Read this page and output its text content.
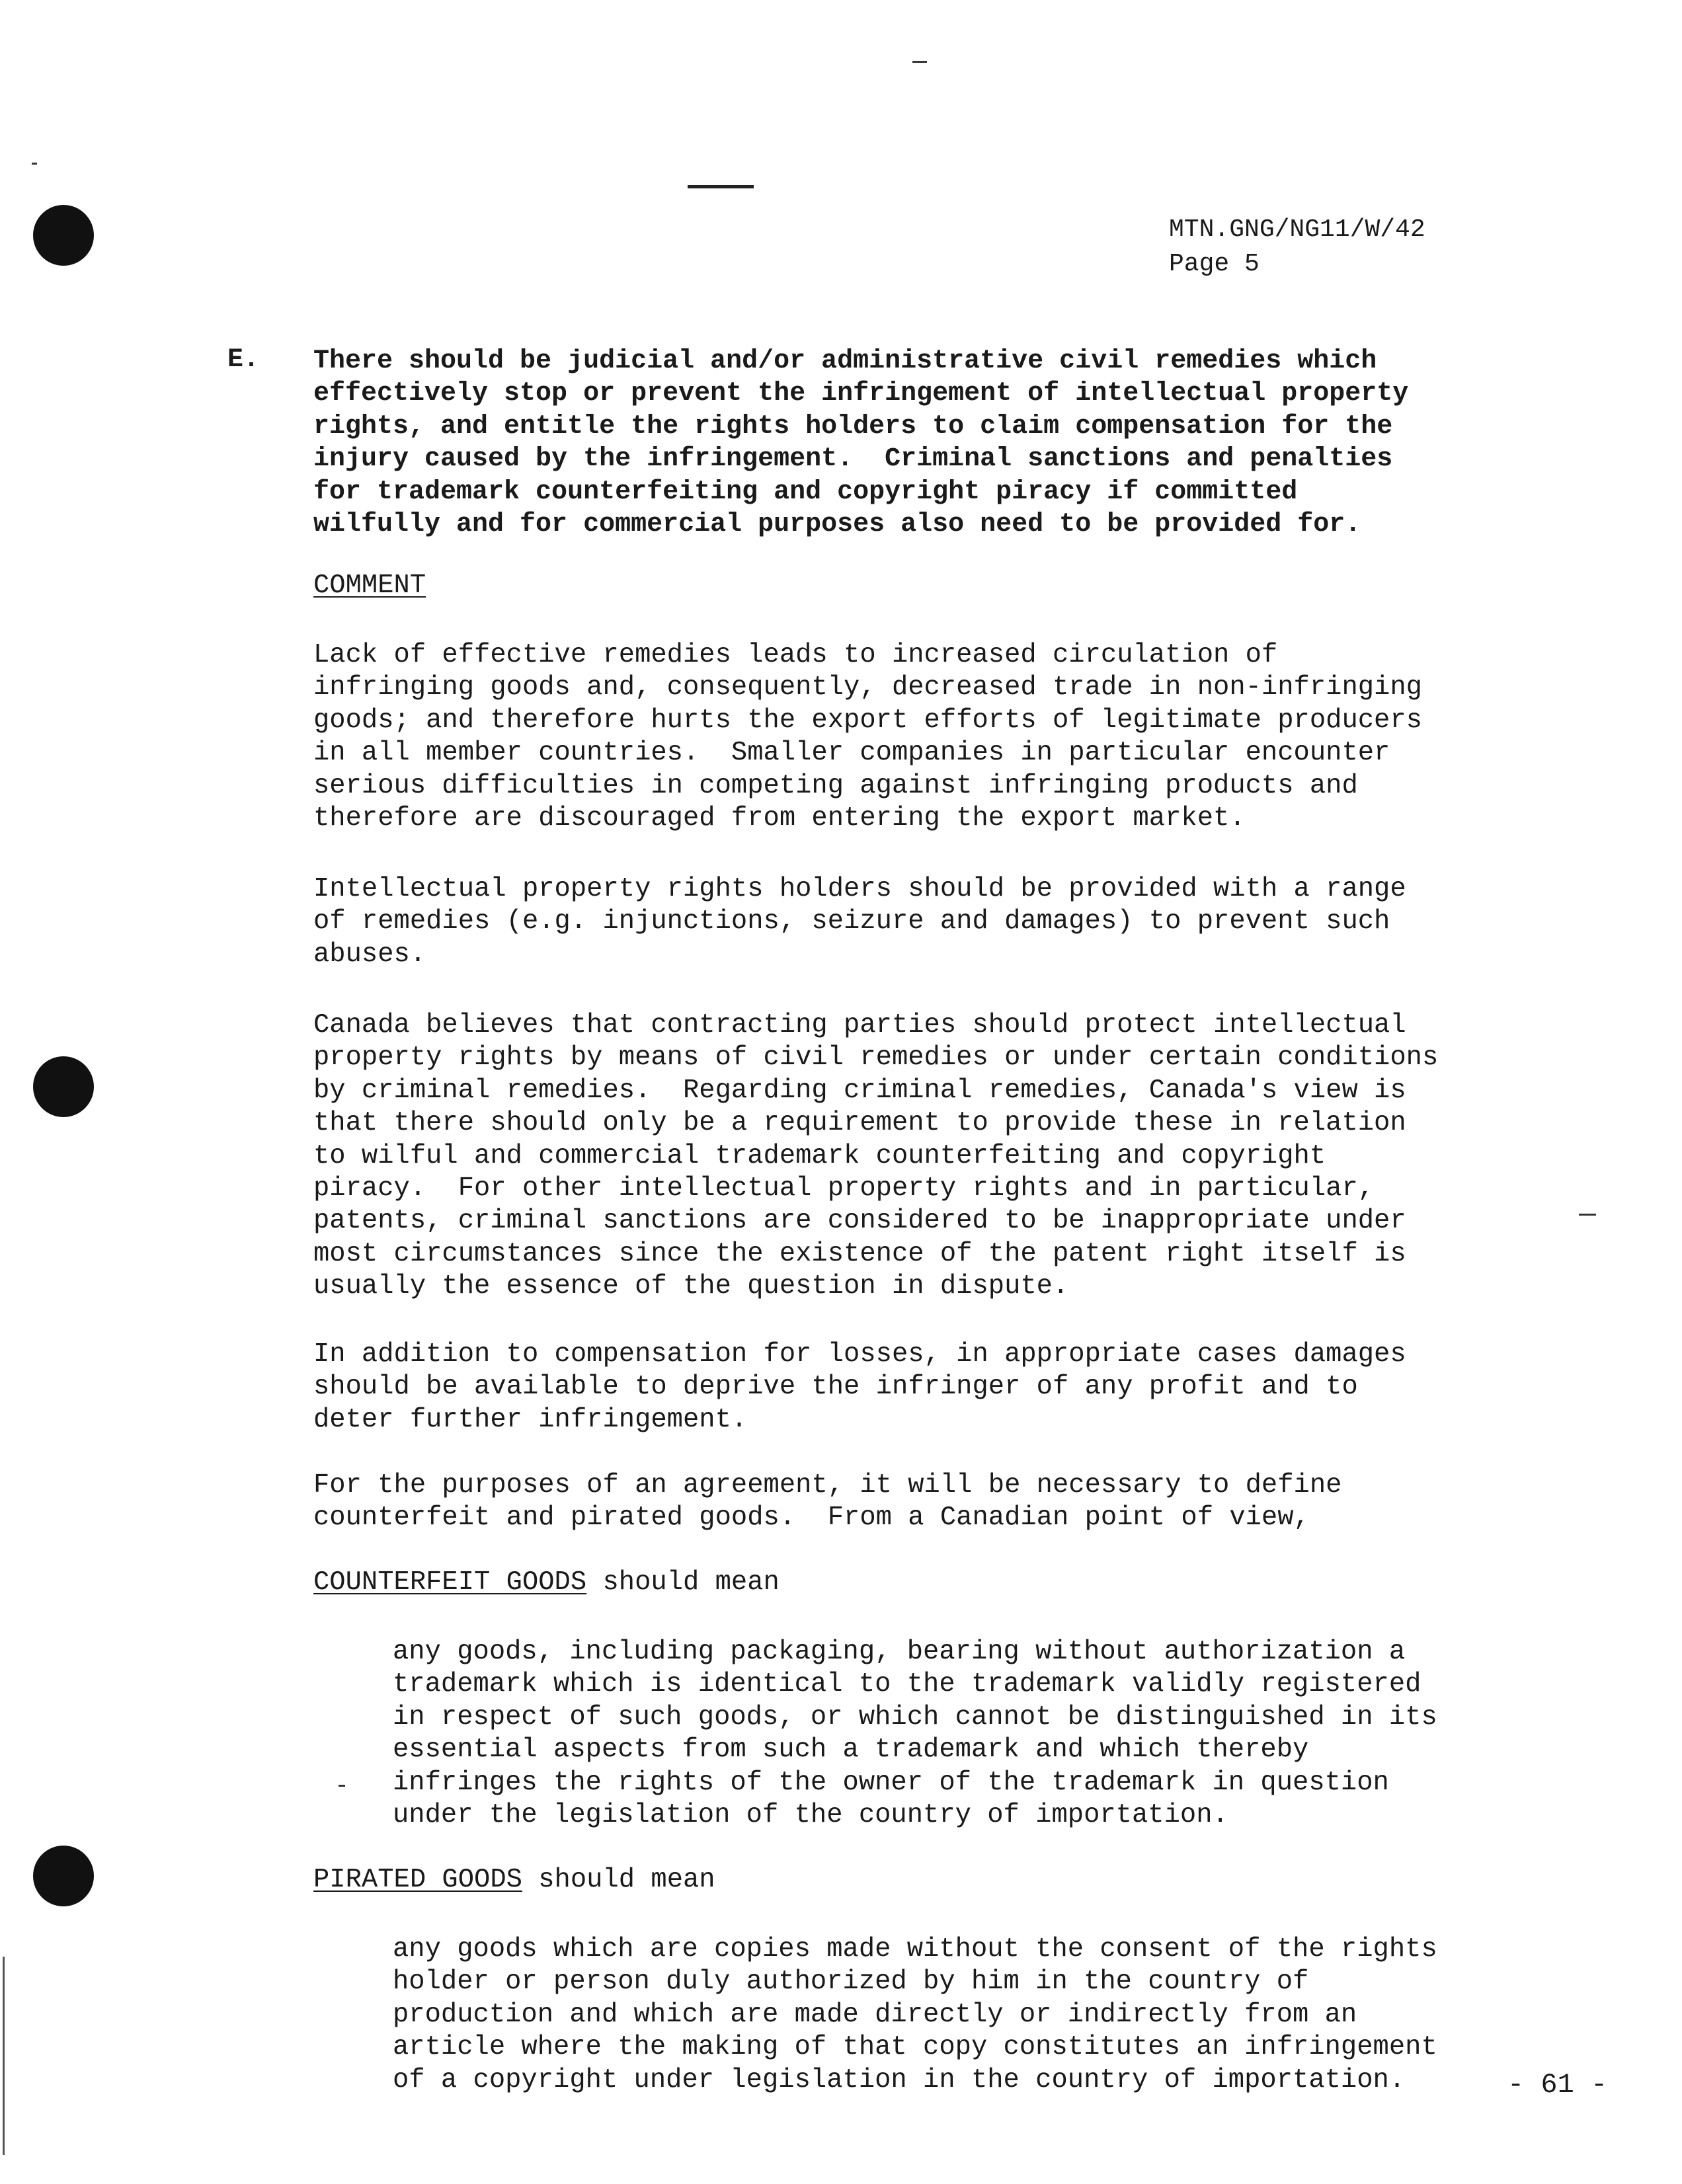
MTN.GNG/NG11/W/42
Page 5
E. There should be judicial and/or administrative civil remedies which
effectively stop or prevent the infringement of intellectual property
rights, and entitle the rights holders to claim compensation for the
injury caused by the infringement.  Criminal sanctions and penalties
for trademark counterfeiting and copyright piracy if committed
wilfully and for commercial purposes also need to be provided for.
COMMENT
Lack of effective remedies leads to increased circulation of
infringing goods and, consequently, decreased trade in non-infringing
goods; and therefore hurts the export efforts of legitimate producers
in all member countries.  Smaller companies in particular encounter
serious difficulties in competing against infringing products and
therefore are discouraged from entering the export market.
Intellectual property rights holders should be provided with a range
of remedies (e.g. injunctions, seizure and damages) to prevent such
abuses.
Canada believes that contracting parties should protect intellectual
property rights by means of civil remedies or under certain conditions
by criminal remedies.  Regarding criminal remedies, Canada's view is
that there should only be a requirement to provide these in relation
to wilful and commercial trademark counterfeiting and copyright
piracy.  For other intellectual property rights and in particular,
patents, criminal sanctions are considered to be inappropriate under
most circumstances since the existence of the patent right itself is
usually the essence of the question in dispute.
In addition to compensation for losses, in appropriate cases damages
should be available to deprive the infringer of any profit and to
deter further infringement.
For the purposes of an agreement, it will be necessary to define
counterfeit and pirated goods.  From a Canadian point of view,
COUNTERFEIT GOODS should mean
any goods, including packaging, bearing without authorization a
trademark which is identical to the trademark validly registered
in respect of such goods, or which cannot be distinguished in its
essential aspects from such a trademark and which thereby
infringes the rights of the owner of the trademark in question
under the legislation of the country of importation.
PIRATED GOODS should mean
any goods which are copies made without the consent of the rights
holder or person duly authorized by him in the country of
production and which are made directly or indirectly from an
article where the making of that copy constitutes an infringement
of a copyright under legislation in the country of importation.	- 61 -
